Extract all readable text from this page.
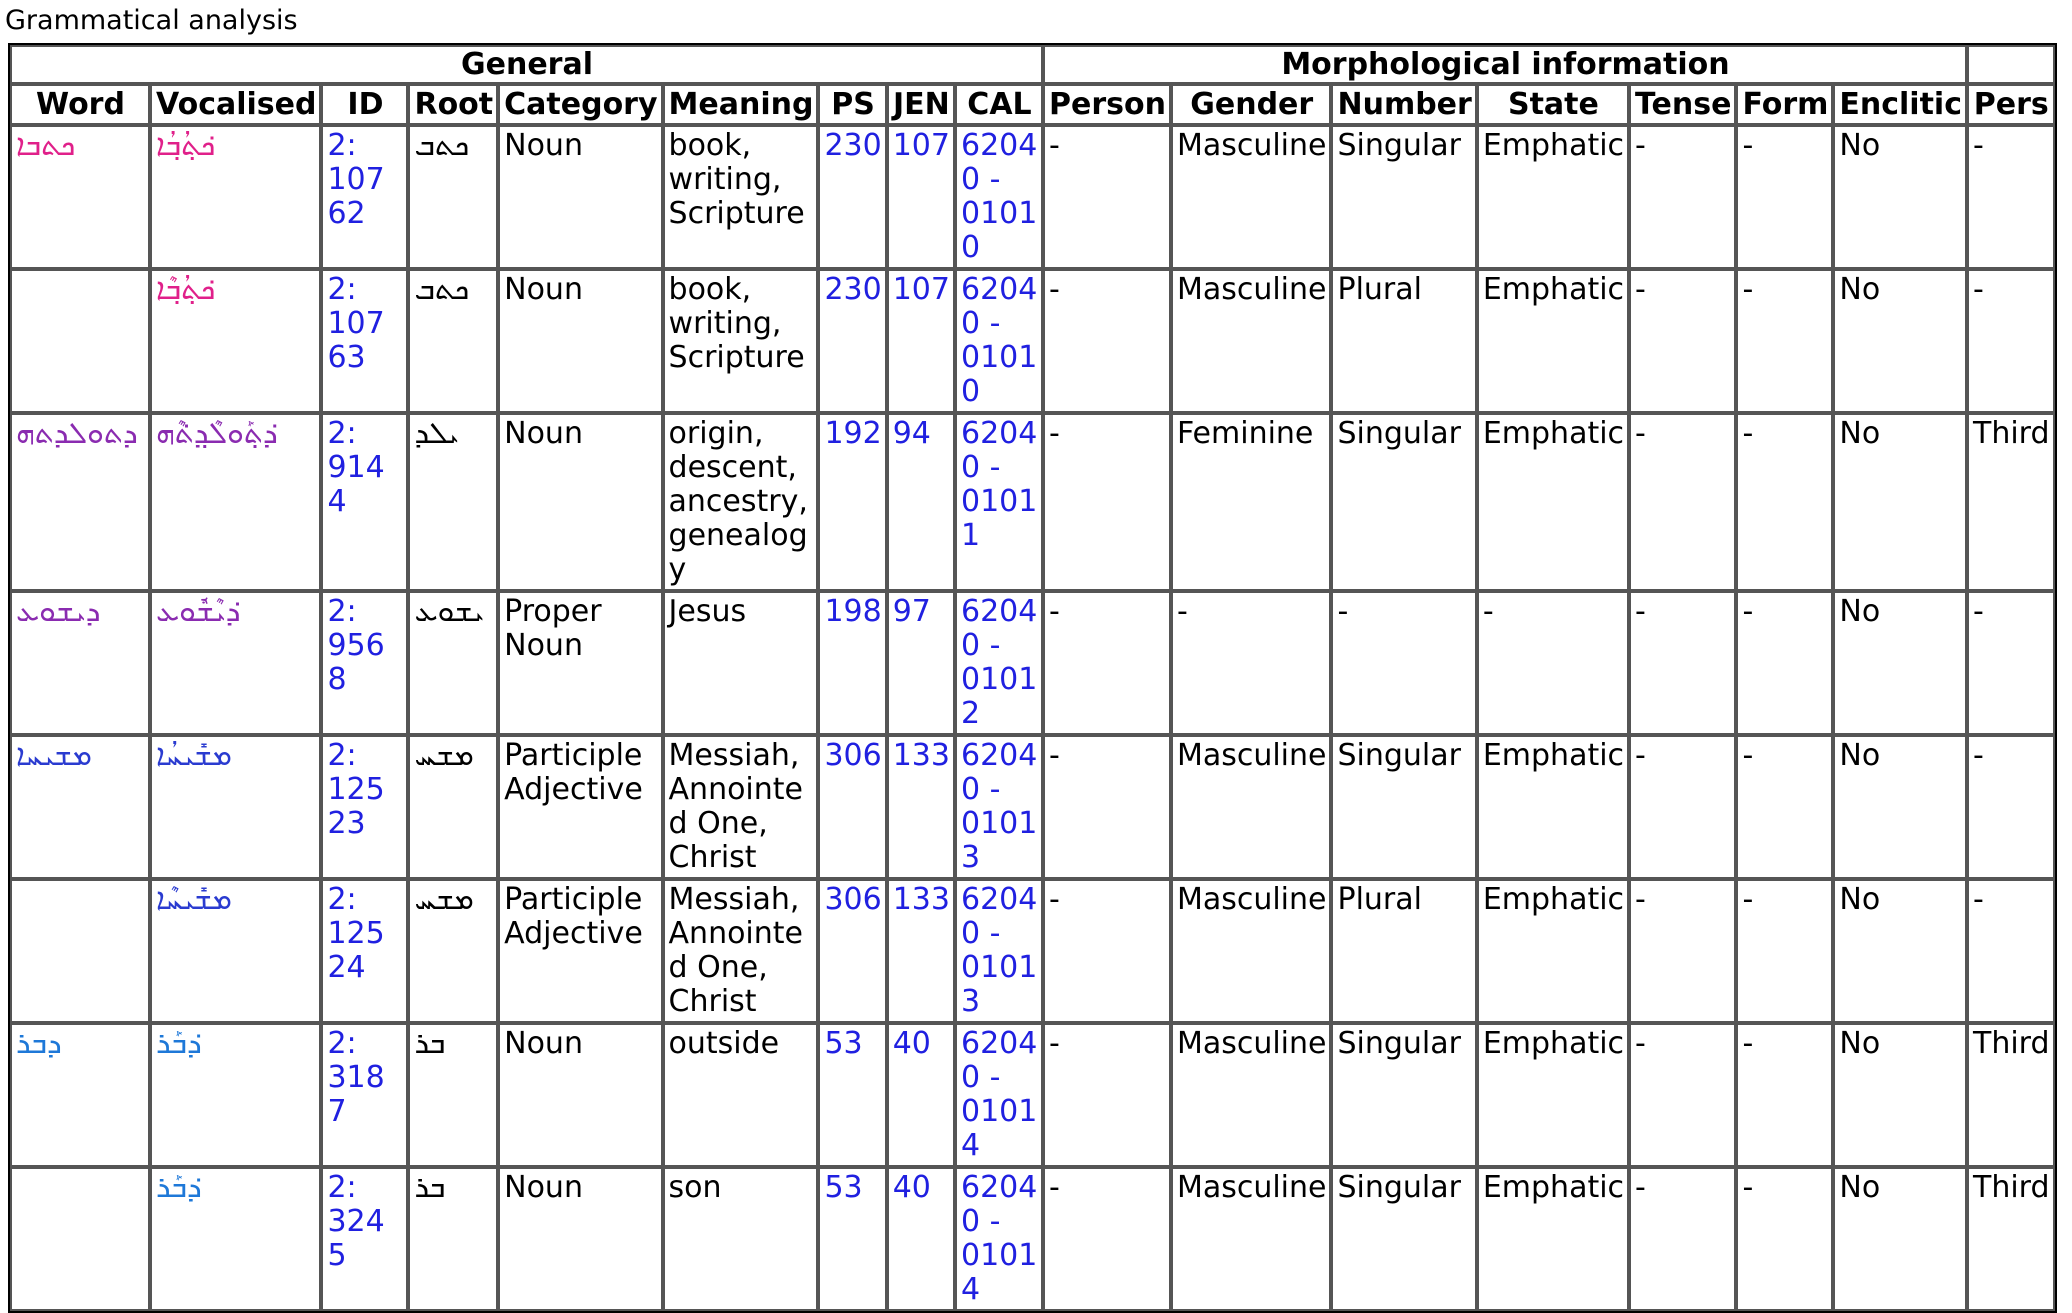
Grammatical analysis
General									Morphological information							
Word	Vocalised	ID	Root	Category	Meaning	PS	JEN	CAL	Person	Gender	Number	State	Tense	Form	Enclitic	Pers
ܟܬܒܐ	ܟ݁ܬ݂ܳܒ݂ܳܐ	2: 10762	ܟܬܒ	Noun	book, writing, Scripture	230	107	62040 - 01010	-	Masculine	Singular	Emphatic	-	-	No	-
	ܟ݁ܬ݂ܳܒ݂ܶܐ	2: 10763	ܟܬܒ	Noun	book, writing, Scripture	230	107	62040 - 01010	-	Masculine	Plural	Emphatic	-	-	No	-
ܕܬܘܠܕܬܗ	ܕ݁ܬ݂ܰܘܠܶܕ݂ܬ݁ܶܗ	2: 9144	ܝܠܕ	Noun	origin, descent, ancestry, genealogy	192	94	62040 - 01011	-	Feminine	Singular	Emphatic	-	-	No	Third
ܕܝܫܘܥ	ܕ݁ܝܶܫܽܘܥ	2: 9568	ܝܫܘܥ	Proper Noun	Jesus	198	97	62040 - 01012	-	-	-	-	-	-	No	-
ܡܫܝܚܐ	ܡܫܺܝܚܳܐ	2: 12523	ܡܫܚ	Participle Adjective	Messiah, Annointed One, Christ	306	133	62040 - 01013	-	Masculine	Singular	Emphatic	-	-	No	-
	ܡܫܺܝܚܶܐ	2: 12524	ܡܫܚ	Participle Adjective	Messiah, Annointed One, Christ	306	133	62040 - 01013	-	Masculine	Plural	Emphatic	-	-	No	-
ܕܒܪ	ܕ݁ܒܰܪ	2: 3187	ܒܪ	Noun	outside	53	40	62040 - 01014	-	Masculine	Singular	Emphatic	-	-	No	Third
	ܕ݁ܒܰܪ	2: 3245	ܒܪ	Noun	son	53	40	62040 - 01014	-	Masculine	Singular	Emphatic	-	-	No	Third
